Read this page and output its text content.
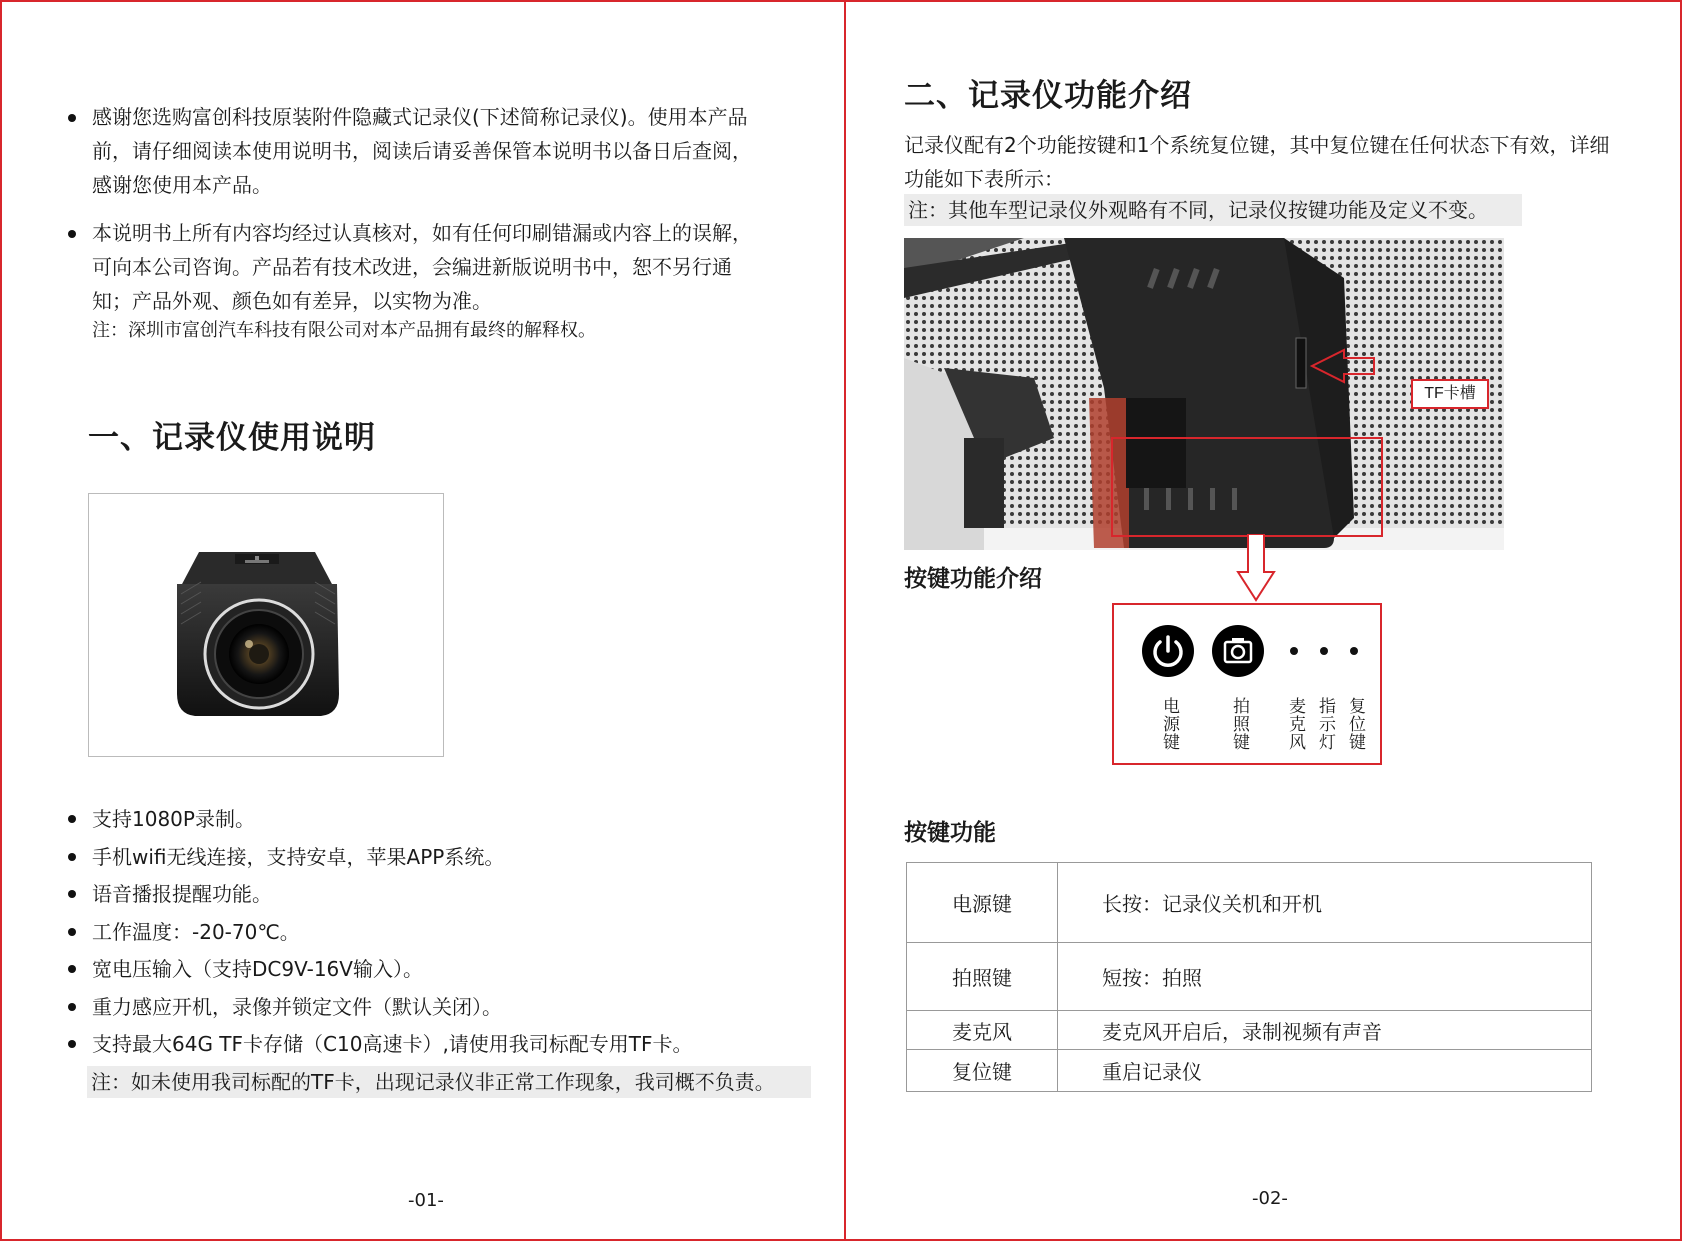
感谢您选购富创科技原装附件隐藏式记录仪(下述简称记录仪)。使用本产品前，请仔细阅读本使用说明书，阅读后请妥善保管本说明书以备日后查阅，感谢您使用本产品。
本说明书上所有内容均经过认真核对，如有任何印刷错漏或内容上的误解，可向本公司咨询。产品若有技术改进，会编进新版说明书中，恕不另行通知；产品外观、颜色如有差异，以实物为准。
注：深圳市富创汽车科技有限公司对本产品拥有最终的解释权。
一、记录仪使用说明
支持1080P录制。
手机wifi无线连接，支持安卓，苹果APP系统。
语音播报提醒功能。
工作温度：-20-70℃。
宽电压输入（支持DC9V-16V输入）。
重力感应开机，录像并锁定文件（默认关闭）。
支持最大64G TF卡存储（C10高速卡）,请使用我司标配专用TF卡。
注：如未使用我司标配的TF卡，出现记录仪非正常工作现象，我司概不负责。
-01-
二、记录仪功能介绍
记录仪配有2个功能按键和1个系统复位键，其中复位键在任何状态下有效，详细功能如下表所示：
注：其他车型记录仪外观略有不同，记录仪按键功能及定义不变。
TF卡槽
按键功能介绍
电源键	拍照键 麦克风 指示灯 复位键
按键功能
电源键	长按：记录仪关机和开机
拍照键	短按：拍照
麦克风	麦克风开启后，录制视频有声音
复位键	重启记录仪
-02-
